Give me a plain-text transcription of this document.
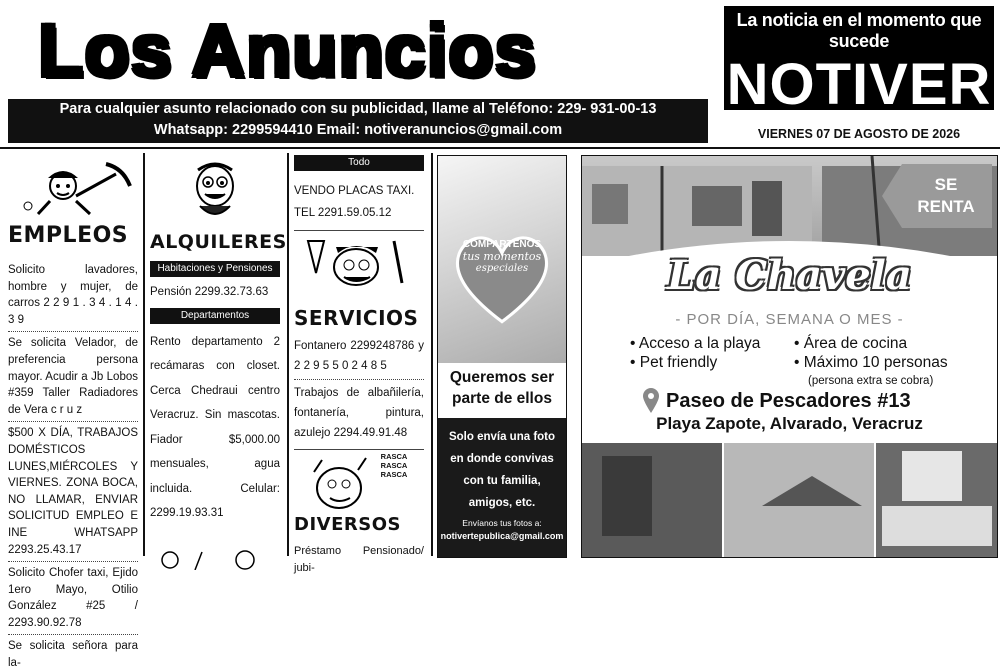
Los Anuncios
Para cualquier asunto relacionado con su publicidad, llame al Teléfono: 229- 931-00-13
Whatsapp: 2299594410 Email: notiveranuncios@gmail.com
La noticia en el momento que sucede
NOTIVER
VIERNES 07 DE AGOSTO DE 2026
EMPLEOS

Solicito lavadores, hombre y mujer, de carros 2 2 9 1 . 3 4 . 1 4 . 3 9

Se solicita Velador, de preferencia persona mayor. Acudir a Jb Lobos #359 Taller Radiadores de Vera c r u z

$500 X DÍA, TRABAJOS DOMÉSTICOS LUNES,MIÉRCOLES Y VIERNES. ZONA BOCA, NO LLAMAR, ENVIAR SOLICITUD EMPLEO E INE WHATSAPP 2293.25.43.17

Solicito Chofer taxi, Ejido 1ero Mayo, Otilio González #25 / 2293.90.92.78

Se solicita señora para la-

ALQUILERES
Habitaciones y Pensiones

Pensión 2299.32.73.63

Departamentos

Rento departamento 2 recámaras con closet. Cerca Chedraui centro Veracruz. Sin mascotas. Fiador $5,000.00 mensuales, agua incluida. Celular: 2299.19.93.31

Todo

VENDO PLACAS TAXI. TEL 2291.59.05.12

SERVICIOS

Fontanero 2299248786 y 2 2 9 5 5 0 2 4 8 5

Trabajos de albañilería, fontanería, pintura, azulejo 2294.49.91.48

RASCA RASCA RASCA
DIVERSOS

Préstamo Pensionado/ jubi-

COMPARTENOS
tus momentos
especiales
Queremos ser parte de ellos
Solo envía una foto en donde convivas con tu familia, amigos, etc.
Envíanos tus fotos a:
notivertepublica@gmail.com
SE RENTA
La Chavela
- POR DÍA, SEMANA O MES -
• Acceso a la playa
• Pet friendly
• Área de cocina
• Máximo 10 personas
(persona extra se cobra)
Paseo de Pescadores #13
Playa Zapote, Alvarado, Veracruz
